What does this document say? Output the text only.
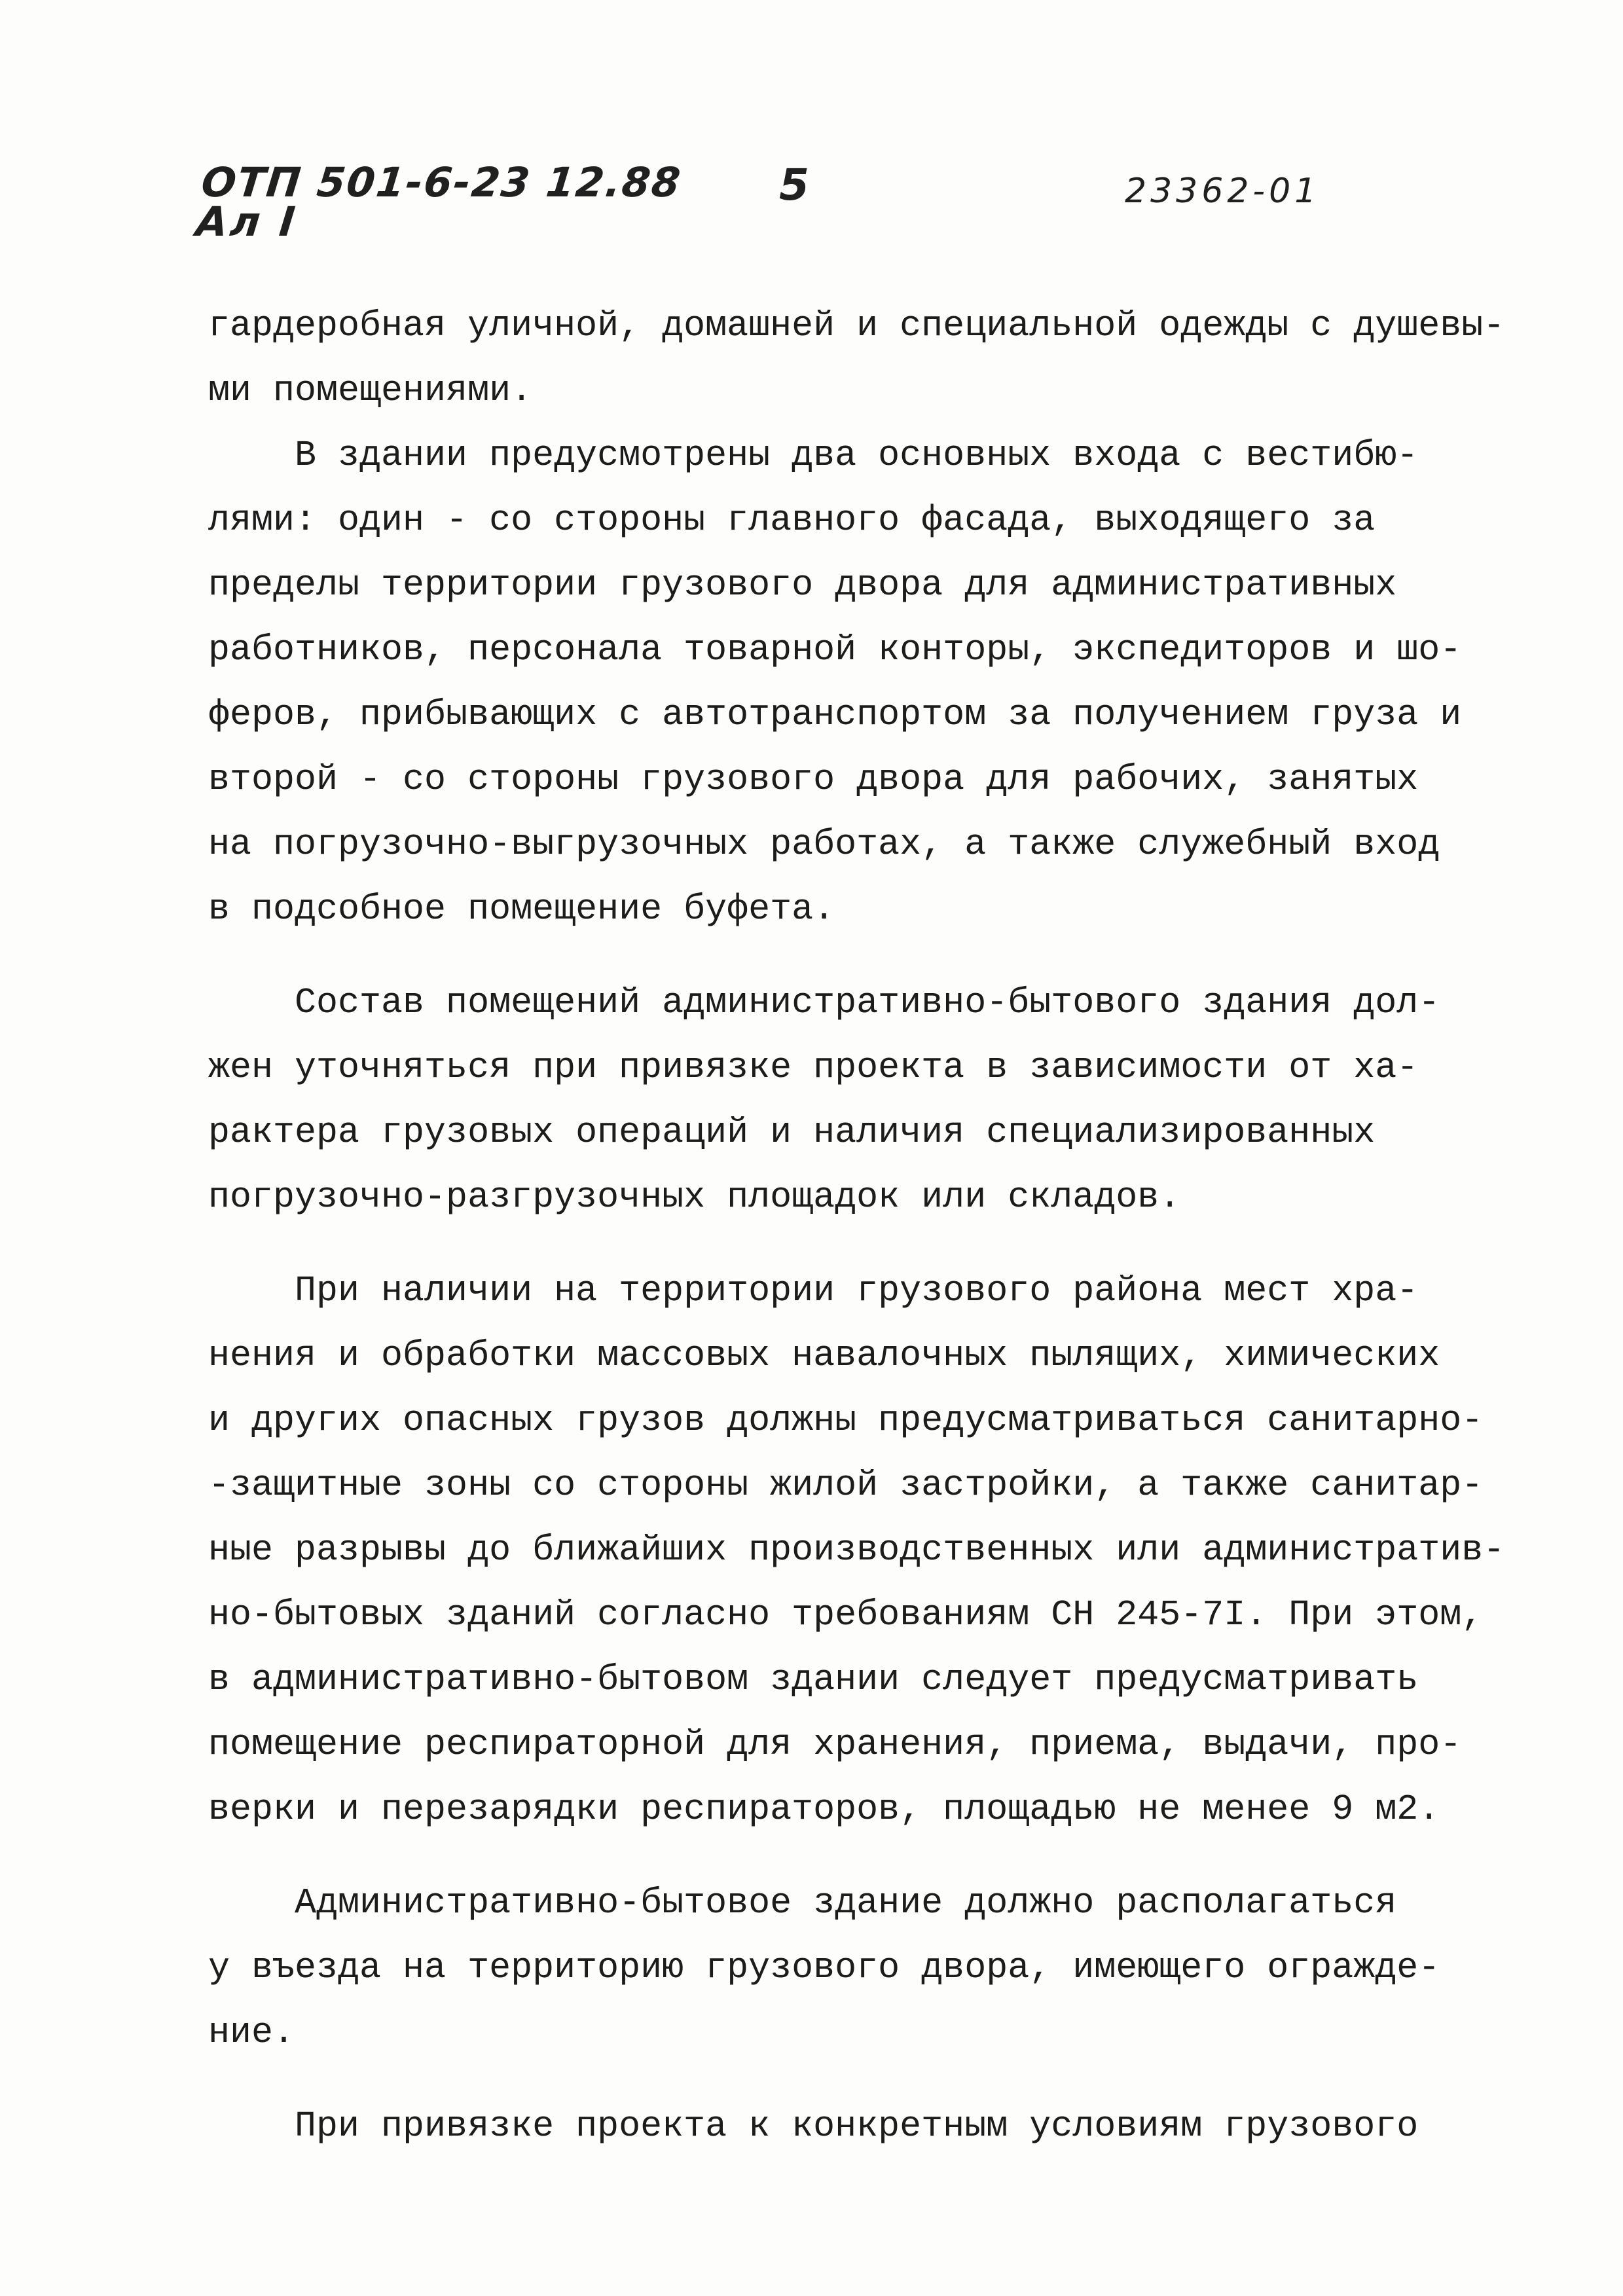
ОТП 501-6-23 12.88
Ал I
5	23362-01

гардеробная уличной, домашней и специальной одежды с душевы-

ми помещениями.

В здании предусмотрены два основных входа с вестибю-

лями: один - со стороны главного фасада, выходящего за

пределы территории грузового двора для административных

работников, персонала товарной конторы, экспедиторов и шо-

феров, прибывающих с автотранспортом за получением груза и

второй - со стороны грузового двора для рабочих, занятых

на погрузочно-выгрузочных работах, а также служебный вход

в подсобное помещение буфета.

Состав помещений административно-бытового здания дол-

жен уточняться при привязке проекта в зависимости от ха-

рактера грузовых операций и наличия специализированных

погрузочно-разгрузочных площадок или складов.

При наличии на территории грузового района мест хра-

нения и обработки массовых навалочных пылящих, химических

и других опасных грузов должны предусматриваться санитарно-

-защитные зоны со стороны жилой застройки, а также санитар-

ные разрывы до ближайших производственных или административ-

но-бытовых зданий согласно требованиям СН 245-7I. При этом,

в административно-бытовом здании следует предусматривать

помещение респираторной для хранения, приема, выдачи, про-

верки и перезарядки респираторов, площадью не менее 9 м2.

Административно-бытовое здание должно располагаться

у въезда на территорию грузового двора, имеющего огражде-

ние.

При привязке проекта к конкретным условиям грузового
